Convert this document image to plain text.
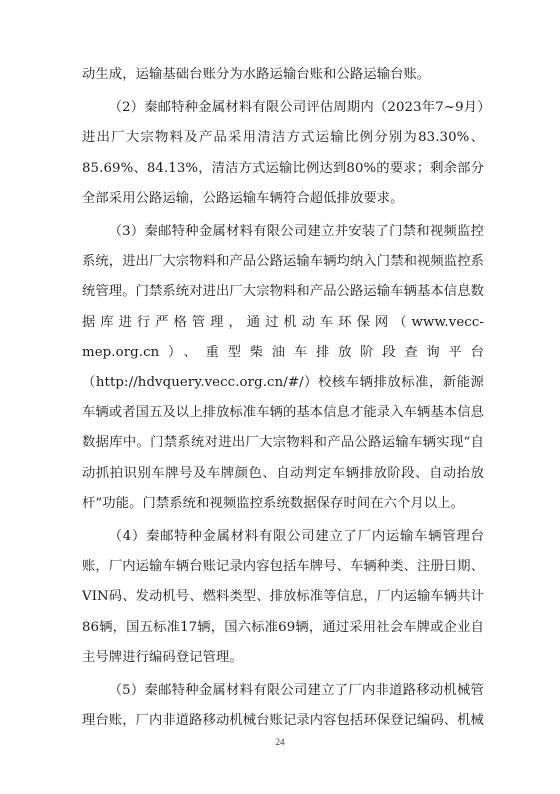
动生成，运输基础台账分为水路运输台账和公路运输台账。

（2）秦邮特种金属材料有限公司评估周期内（2023年7~9月）进出厂大宗物料及产品采用清洁方式运输比例分别为83.30%、85.69%、84.13%，清洁方式运输比例达到80%的要求；剩余部分全部采用公路运输，公路运输车辆符合超低排放要求。

（3）秦邮特种金属材料有限公司建立并安装了门禁和视频监控系统，进出厂大宗物料和产品公路运输车辆均纳入门禁和视频监控系统管理。门禁系统对进出厂大宗物料和产品公路运输车辆基本信息数据库进行严格管理，通过机动车环保网（www.vecc-mep.org.cn）、重型柴油车排放阶段查询平台（http://hdvquery.vecc.org.cn/#/）校核车辆排放标准，新能源车辆或者国五及以上排放标准车辆的基本信息才能录入车辆基本信息数据库中。门禁系统对进出厂大宗物料和产品公路运输车辆实现“自动抓拍识别车牌号及车牌颜色、自动判定车辆排放阶段、自动抬放杆”功能。门禁系统和视频监控系统数据保存时间在六个月以上。

（4）秦邮特种金属材料有限公司建立了厂内运输车辆管理台账，厂内运输车辆台账记录内容包括车牌号、车辆种类、注册日期、VIN码、发动机号、燃料类型、排放标准等信息，厂内运输车辆共计86辆，国五标准17辆，国六标准69辆，通过采用社会车牌或企业自主号牌进行编码登记管理。

（5）秦邮特种金属材料有限公司建立了厂内非道路移动机械管理台账，厂内非道路移动机械台账记录内容包括环保登记编码、机械

24
